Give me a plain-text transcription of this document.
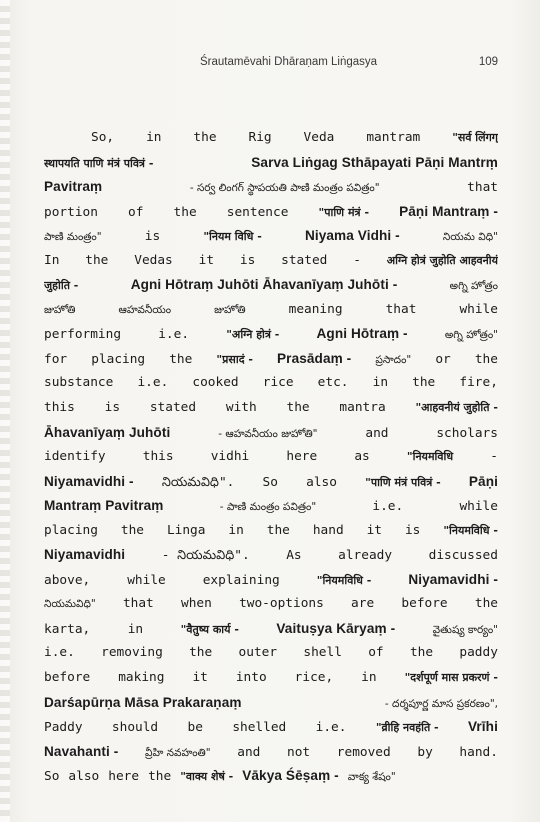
Śrautamēvahi Dhāraṇam Liṅgasya	109
So, in the Rig Veda mantram	"सर्व लिंगग्
स्थापयति पाणि मंत्रं पवित्रं -	Sarva Liṅgag Sthāpayati Pāṇi Mantrṃ
Pavitraṃ	- సర్వ లింగగ్ స్థాపయతి పాణి మంత్రం పవిత్రం"	that
portion of the sentence	"पाणि मंत्रं - Pāṇi Mantraṃ -
పాణి మంత్రం"	is	"नियम विधि -	Niyama Vidhi -	నియమ విధి"
In the Vedas it is stated - अग्नि होत्रं जुहोति आहवनीयं
जुहोति -	Agni Hōtraṃ Juhōti Āhavanīyaṃ Juhōti -	అగ్ని హోత్రం
జుహోతి	ఆహవనీయం	జుహోతి	meaning	that	while
performing	i.e.	"अग्नि होत्रं -	Agni Hōtraṃ -	అగ్ని హోత్రం"
for placing the "प्रसादं - Prasādaṃ - ప్రసాదం" or the
substance i.e. cooked rice etc. in the fire,
this is stated with the mantra	"आहवनीयं जुहोति -
Āhavanīyaṃ Juhōti	- ఆహవనీయం జుహోతి"	and	scholars
identify	this	vidhi	here	as	"नियमविधि	-
Niyamavidhi - నియమవిధి". So also	"पाणि मंत्रं पवित्रं - Pāṇi
Mantraṃ Pavitraṃ	- పాణి మంత్రం పవిత్రం"	i.e.	while
placing the Linga in the hand it is "नियमविधि -
Niyamavidhi	- నియమవిధి".	As	already	discussed
above,	while	explaining	"नियमविधि -	Niyamavidhi -
నియమవిధి" that when two-options are before the
karta,	in	"वैतुष्य कार्य -	Vaituṣya Kāryaṃ -	వైతుష్య కార్యం"
i.e. removing the outer shell of the paddy
before making it into rice, in	"दर्शपूर्ण मास प्रकरणं -
Darśapūrṇa Māsa Prakaraṇaṃ	- దర్శపూర్ణ మాస ప్రకరణం",
Paddy should be shelled i.e.	"व्रीहि नवहंति - Vrīhi
Navahanti -	వ్రీహి నవహంతి" and not removed by hand.
So also here the "वाक्य शेषं - Vākya Śēṣaṃ - వాక్య శేషం"
